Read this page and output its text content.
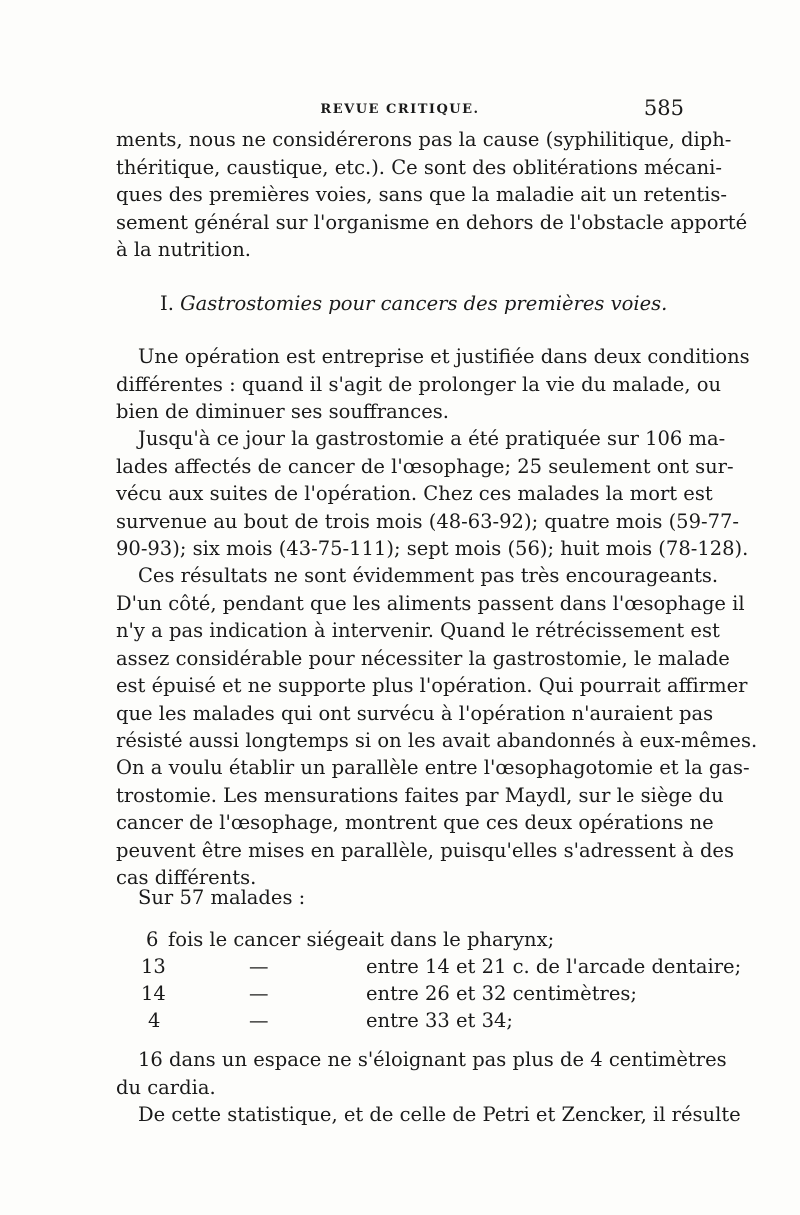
REVUE CRITIQUE.	585
ments, nous ne considérerons pas la cause (syphilitique, diph-
théritique, caustique, etc.). Ce sont des oblitérations mécani-
ques des premières voies, sans que la maladie ait un retentis-
sement général sur l'organisme en dehors de l'obstacle apporté
à la nutrition.
I. Gastrostomies pour cancers des premières voies.
Une opération est entreprise et justifiée dans deux conditions
différentes : quand il s'agit de prolonger la vie du malade, ou
bien de diminuer ses souffrances.
Jusqu'à ce jour la gastrostomie a été pratiquée sur 106 ma-
lades affectés de cancer de l'œsophage; 25 seulement ont sur-
vécu aux suites de l'opération. Chez ces malades la mort est
survenue au bout de trois mois (48-63-92); quatre mois (59-77-
90-93); six mois (43-75-111); sept mois (56); huit mois (78-128).
Ces résultats ne sont évidemment pas très encourageants.
D'un côté, pendant que les aliments passent dans l'œsophage il
n'y a pas indication à intervenir. Quand le rétrécissement est
assez considérable pour nécessiter la gastrostomie, le malade
est épuisé et ne supporte plus l'opération. Qui pourrait affirmer
que les malades qui ont survécu à l'opération n'auraient pas
résisté aussi longtemps si on les avait abandonnés à eux-mêmes.
On a voulu établir un parallèle entre l'œsophagotomie et la gas-
trostomie. Les mensurations faites par Maydl, sur le siège du
cancer de l'œsophage, montrent que ces deux opérations ne
peuvent être mises en parallèle, puisqu'elles s'adressent à des
cas différents.
Sur 57 malades :
6 fois le cancer siégeait dans le pharynx;
13	—	entre 14 et 21 c. de l'arcade dentaire;
14	—	entre 26 et 32 centimètres;
4	—	entre 33 et 34;
16 dans un espace ne s'éloignant pas plus de 4 centimètres
du cardia.
De cette statistique, et de celle de Petri et Zencker, il résulte
